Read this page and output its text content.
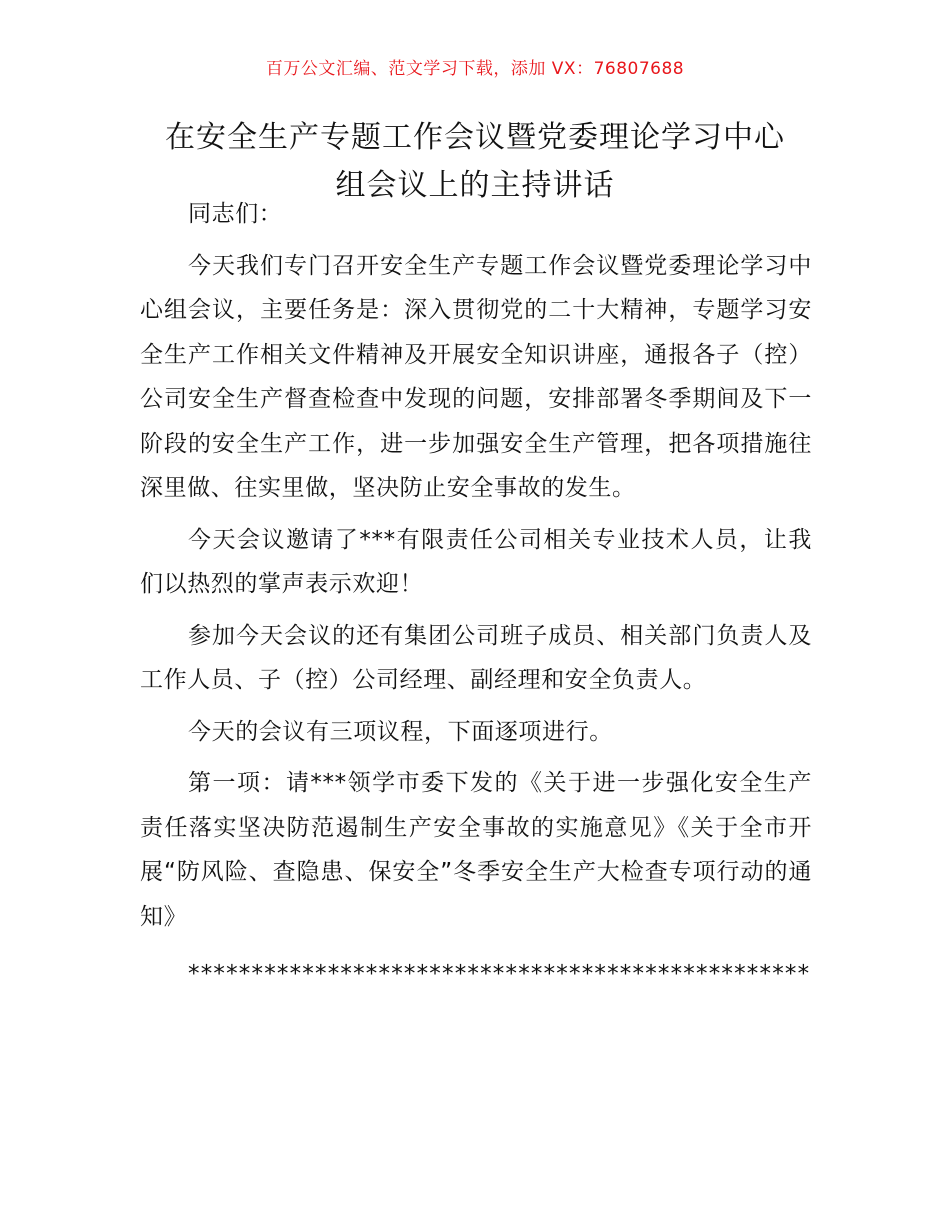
百万公文汇编、范文学习下载，添加 VX：76807688
在安全生产专题工作会议暨党委理论学习中心
组会议上的主持讲话

同志们：

今天我们专门召开安全生产专题工作会议暨党委理论学习中心组会议，主要任务是：深入贯彻党的二十大精神，专题学习安全生产工作相关文件精神及开展安全知识讲座，通报各子（控）公司安全生产督查检查中发现的问题，安排部署冬季期间及下一阶段的安全生产工作，进一步加强安全生产管理，把各项措施往深里做、往实里做，坚决防止安全事故的发生。

今天会议邀请了***有限责任公司相关专业技术人员，让我们以热烈的掌声表示欢迎！

参加今天会议的还有集团公司班子成员、相关部门负责人及工作人员、子（控）公司经理、副经理和安全负责人。

今天的会议有三项议程，下面逐项进行。

第一项：请***领学市委下发的《关于进一步强化安全生产责任落实坚决防范遏制生产安全事故的实施意见》《关于全市开展“防风险、查隐患、保安全”冬季安全生产大检查专项行动的通知》

*************************************************
